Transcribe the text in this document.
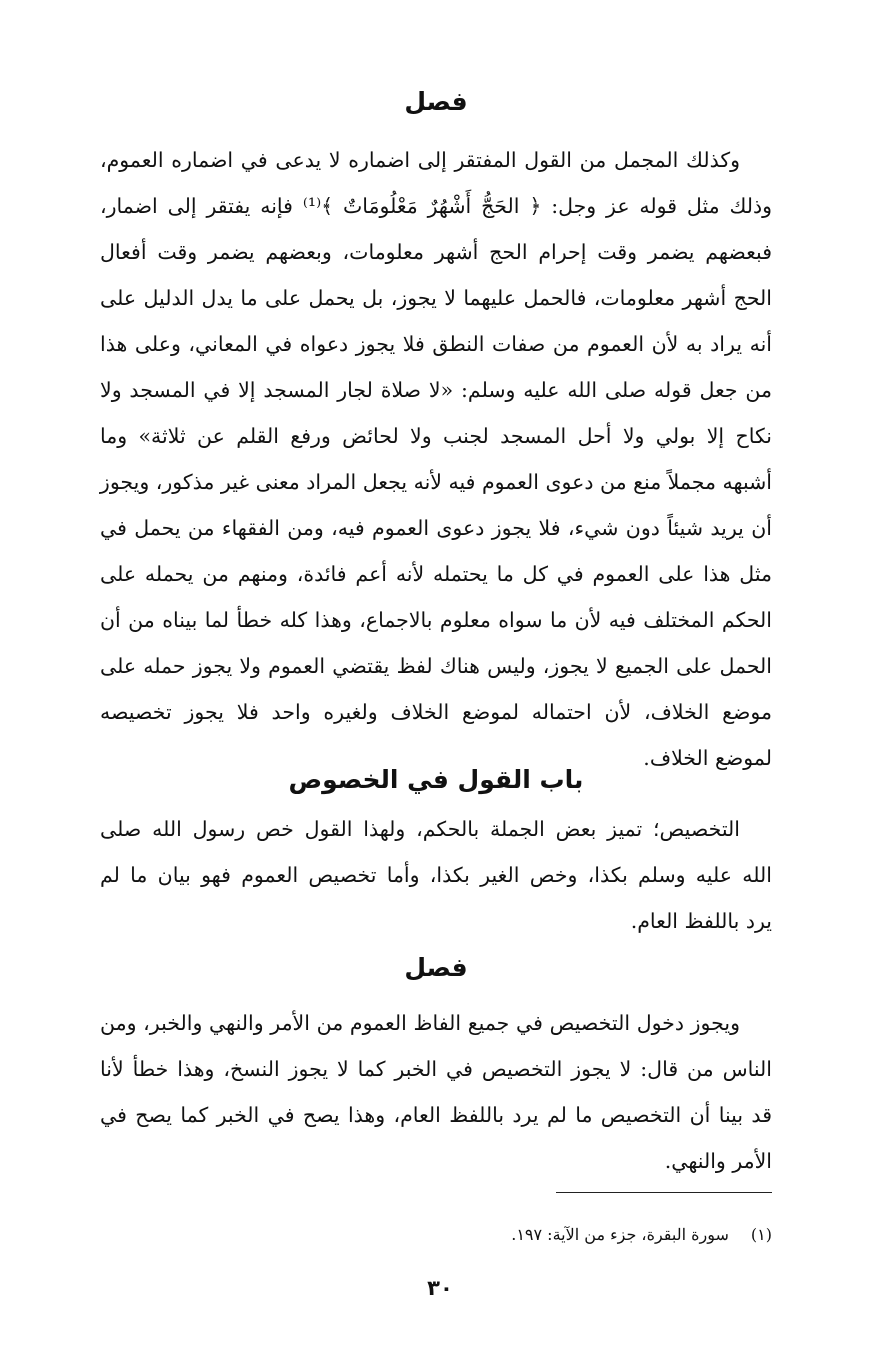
فصل
وكذلك المجمل من القول المفتقر إلى اضماره لا يدعى في اضماره العموم،
وذلك مثل قوله عز وجل: ﴿ الحَجُّ أَشْهُرٌ مَعْلُومَاتٌ ﴾⁽¹⁾ فإنه يفتقر إلى اضمار،
فبعضهم يضمر وقت إحرام الحج أشهر معلومات، وبعضهم يضمر وقت أفعال
الحج أشهر معلومات، فالحمل عليهما لا يجوز، بل يحمل على ما يدل الدليل على
أنه يراد به لأن العموم من صفات النطق فلا يجوز دعواه في المعاني، وعلى هذا
من جعل قوله صلى الله عليه وسلم: «لا صلاة لجار المسجد إلا في المسجد ولا
نكاح إلا بولي ولا أحل المسجد لجنب ولا لحائض ورفع القلم عن ثلاثة» وما
أشبهه مجملاً منع من دعوى العموم فيه لأنه يجعل المراد معنى غير مذكور، ويجوز
أن يريد شيئاً دون شيء، فلا يجوز دعوى العموم فيه، ومن الفقهاء من يحمل في
مثل هذا على العموم في كل ما يحتمله لأنه أعم فائدة، ومنهم من يحمله على
الحكم المختلف فيه لأن ما سواه معلوم بالاجماع، وهذا كله خطأ لما بيناه من أن
الحمل على الجميع لا يجوز، وليس هناك لفظ يقتضي العموم ولا يجوز حمله على
موضع الخلاف، لأن احتماله لموضع الخلاف ولغيره واحد فلا يجوز تخصيصه
لموضع الخلاف.
باب القول في الخصوص
التخصيص؛ تميز بعض الجملة بالحكم، ولهذا القول خص رسول الله صلى
الله عليه وسلم بكذا، وخص الغير بكذا، وأما تخصيص العموم فهو بيان ما لم
يرد باللفظ العام.
فصل
ويجوز دخول التخصيص في جميع الفاظ العموم من الأمر والنهي والخبر، ومن
الناس من قال: لا يجوز التخصيص في الخبر كما لا يجوز النسخ، وهذا خطأ لأنا
قد بينا أن التخصيص ما لم يرد باللفظ العام، وهذا يصح في الخبر كما يصح في
الأمر والنهي.
(١)سورة البقرة، جزء من الآية: ١٩٧.
٣٠
